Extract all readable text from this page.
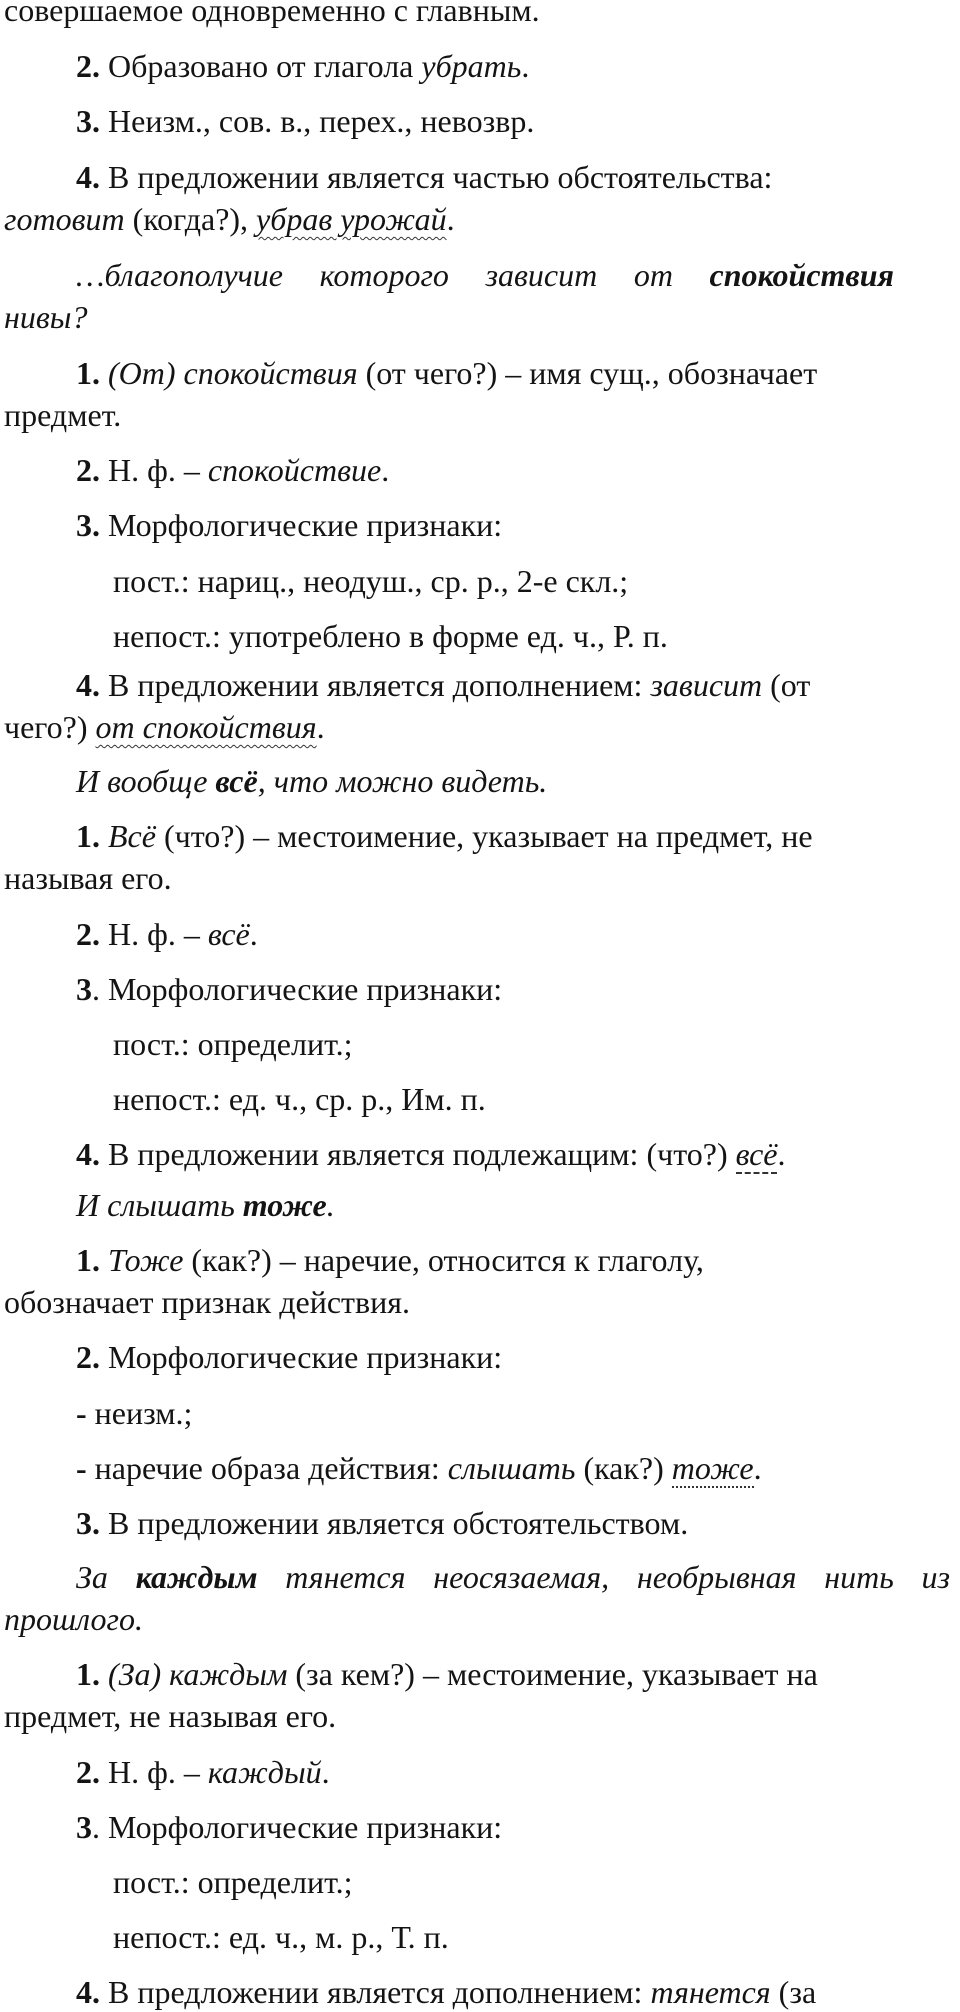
совершаемое одновременно с главным.
2. Образовано от глагола убрать.
3. Неизм., сов. в., перех., невозвр.
4. В предложении является частью обстоятельства:
готовит (когда?), убрав урожай.
…благополучие которого зависит от спокойствия
нивы?
1. (От) спокойствия (от чего?) – имя сущ., обозначает
предмет.
2. Н. ф. – спокойствие.
3. Морфологические признаки:
пост.: нариц., неодуш., ср. р., 2-е скл.;
непост.: употреблено в форме ед. ч., Р. п.
4. В предложении является дополнением: зависит (от
чего?) от спокойствия.
И вообще всё, что можно видеть.
1. Всё (что?) – местоимение, указывает на предмет, не
называя его.
2. Н. ф. – всё.
3. Морфологические признаки:
пост.: определит.;
непост.: ед. ч., ср. р., Им. п.
4. В предложении является подлежащим: (что?) всё.
И слышать тоже.
1. Тоже (как?) – наречие, относится к глаголу,
обозначает признак действия.
2. Морфологические признаки:
- неизм.;
- наречие образа действия: слышать (как?) тоже.
3. В предложении является обстоятельством.
За каждым тянется неосязаемая, необрывная нить из
прошлого.
1. (За) каждым (за кем?) – местоимение, указывает на
предмет, не называя его.
2. Н. ф. – каждый.
3. Морфологические признаки:
пост.: определит.;
непост.: ед. ч., м. р., Т. п.
4. В предложении является дополнением: тянется (за
